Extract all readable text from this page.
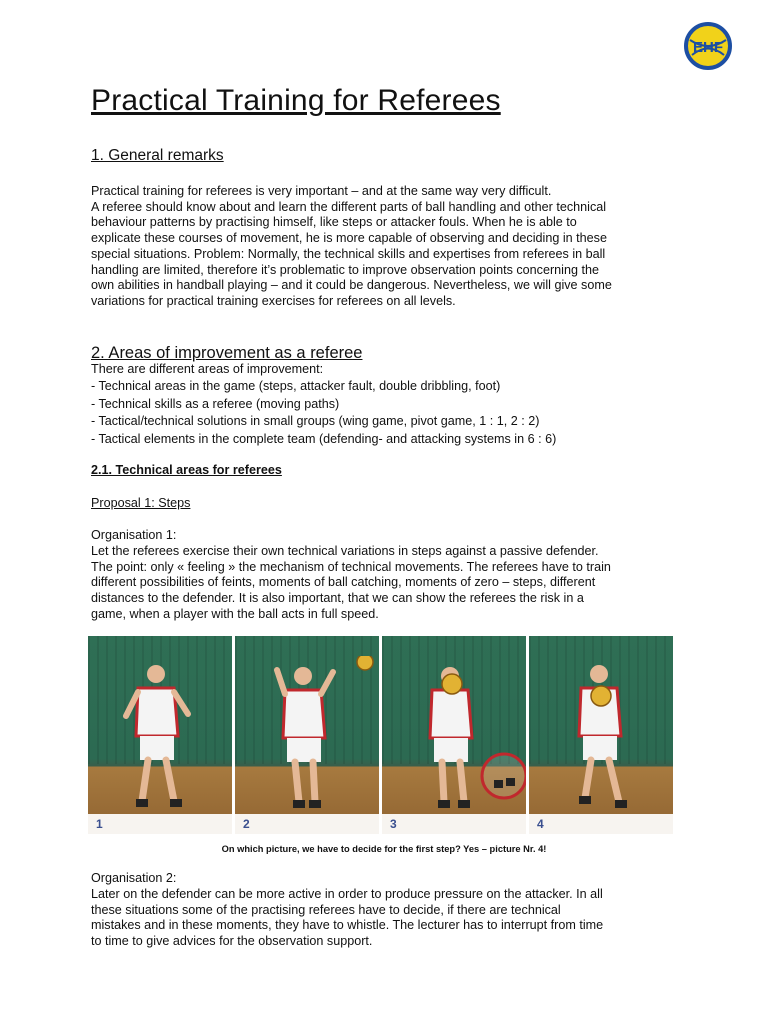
EHF
Practical Training for Referees
1. General remarks

Practical training for referees is very important – and at the same way very difficult.
A referee should know about and learn the different parts of ball handling and other technical
behaviour patterns by practising himself, like steps or attacker fouls. When he is able to
explicate these courses of movement, he is more capable of observing and deciding in these
special situations. Problem: Normally, the technical skills and expertises from referees in ball
handling are limited, therefore it’s problematic to improve observation points concerning the
own abilities in handball playing – and it could be dangerous. Nevertheless, we will give some
variations for practical training exercises for referees on all levels.

2. Areas of improvement as a referee

There are different areas of improvement:

- Technical areas in the game (steps, attacker fault, double dribbling, foot)
- Technical skills as a referee (moving paths)
- Tactical/technical solutions in small groups (wing game, pivot game, 1 : 1, 2 : 2)
- Tactical elements in the complete team (defending- and attacking systems in 6 : 6)
2.1. Technical areas for referees

Proposal 1: Steps

Organisation 1:

Let the referees exercise their own technical variations in steps against a passive defender.
The point: only « feeling » the mechanism of technical movements. The referees have to train
different possibilities of feints, moments of ball catching, moments of zero – steps, different
distances to the defender. It is also important, that we can show the referees the risk in a
game, when a player with the ball acts in full speed.

1	2	3	4

On which picture, we have to decide for the first step? Yes – picture Nr. 4!

Organisation 2:

Later on the defender can be more active in order to produce pressure on the attacker. In all
these situations some of the practising referees have to decide, if there are technical
mistakes and in these moments, they have to whistle. The lecturer has to interrupt from time
to time to give advices for the observation support.
